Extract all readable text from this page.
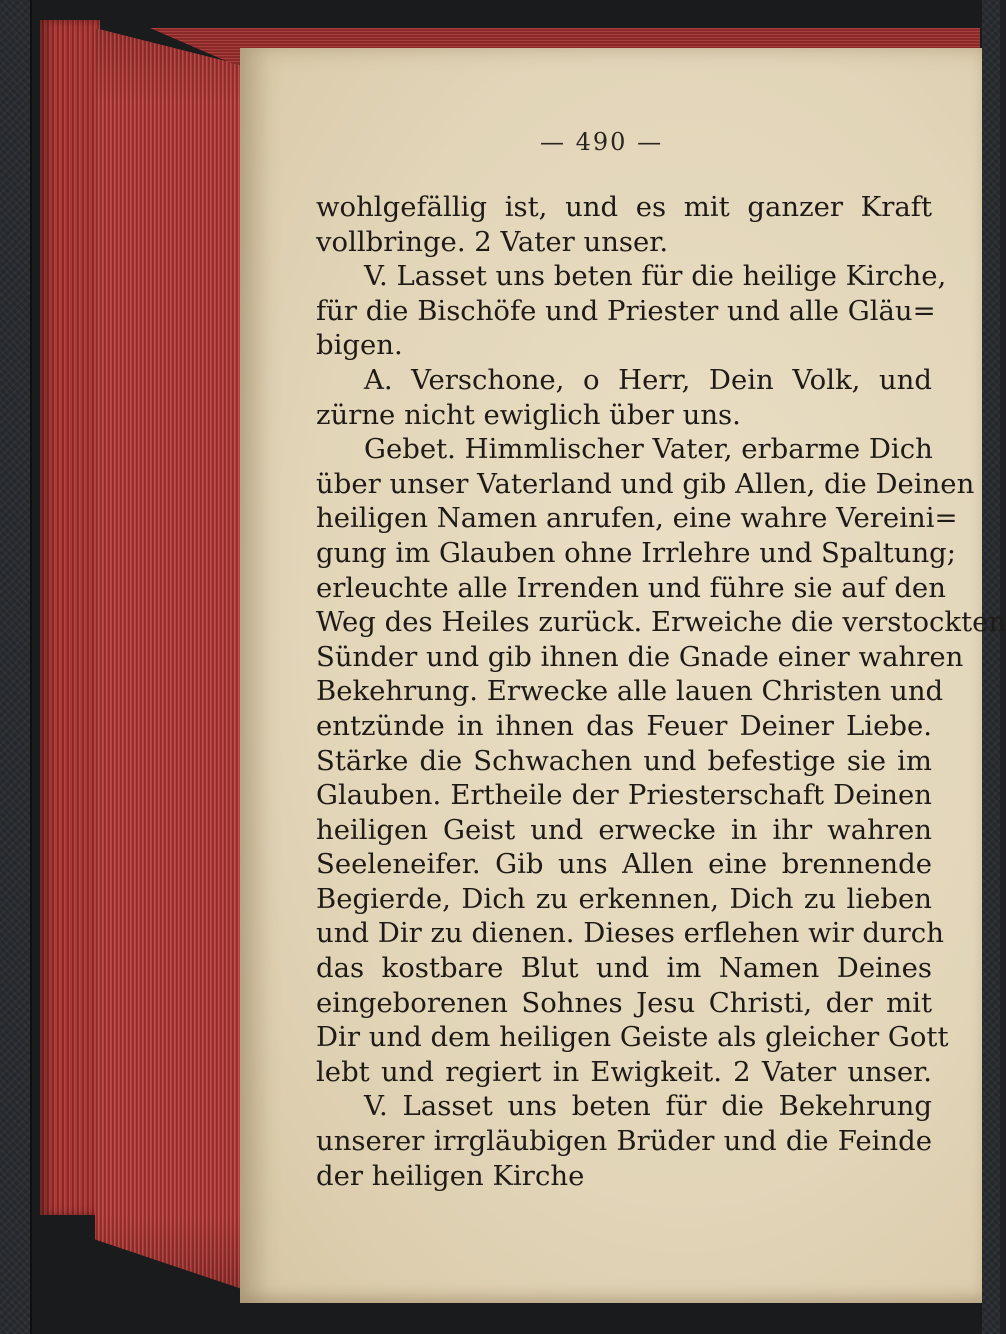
— 490 —
wohlgefällig ist, und es mit ganzer Kraft
vollbringe. 2 Vater unser.
V. Lasset uns beten für die heilige Kirche,
für die Bischöfe und Priester und alle Gläu=
bigen.
A. Verschone, o Herr, Dein Volk, und
zürne nicht ewiglich über uns.
Gebet. Himmlischer Vater, erbarme Dich
über unser Vaterland und gib Allen, die Deinen
heiligen Namen anrufen, eine wahre Vereini=
gung im Glauben ohne Irrlehre und Spaltung;
erleuchte alle Irrenden und führe sie auf den
Weg des Heiles zurück. Erweiche die verstockten
Sünder und gib ihnen die Gnade einer wahren
Bekehrung. Erwecke alle lauen Christen und
entzünde in ihnen das Feuer Deiner Liebe.
Stärke die Schwachen und befestige sie im
Glauben. Ertheile der Priesterschaft Deinen
heiligen Geist und erwecke in ihr wahren
Seeleneifer. Gib uns Allen eine brennende
Begierde, Dich zu erkennen, Dich zu lieben
und Dir zu dienen. Dieses erflehen wir durch
das kostbare Blut und im Namen Deines
eingeborenen Sohnes Jesu Christi, der mit
Dir und dem heiligen Geiste als gleicher Gott
lebt und regiert in Ewigkeit. 2 Vater unser.
V. Lasset uns beten für die Bekehrung
unserer irrgläubigen Brüder und die Feinde
der heiligen Kirche
